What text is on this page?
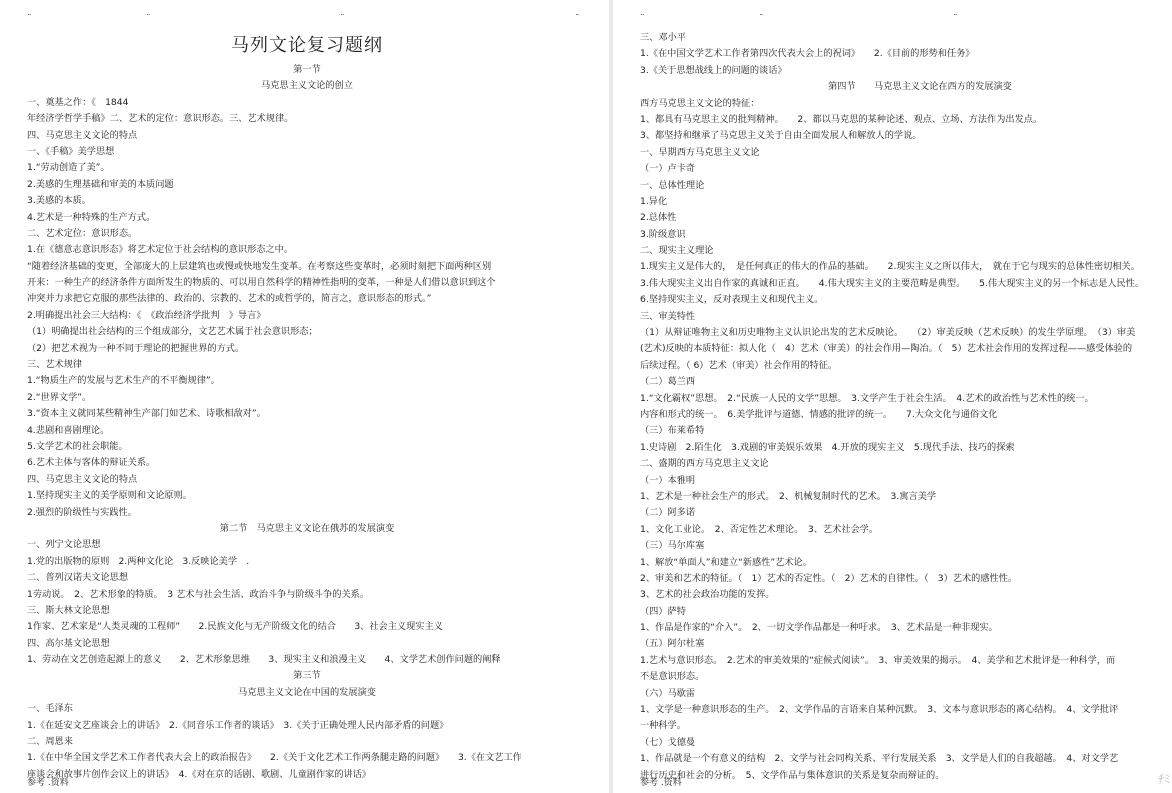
¨	¨	¨	¨
马列文论复习题纲
第一节
马克思主义文论的创立
一、奠基之作：《　1844
年经济学哲学手稿》二、艺术的定位：意识形态。三、艺术规律。
四、马克思主义文论的特点
一、《手稿》美学思想
1.“劳动创造了美”。
2.美感的生理基础和审美的本质问题
3.美感的本质。
4.艺术是一种特殊的生产方式。
二、艺术定位：意识形态。
1.在《德意志意识形态》将艺术定位于社会结构的意识形态之中。
“随着经济基础的变更，全部庞大的上层建筑也或慢或快地发生变革。在考察这些变革时，必须时刻把下面两种区别
开来：一种生产的经济条件方面所发生的物质的、可以用自然科学的精神性指明的变革，一种是人们借以意识到这个
冲突并力求把它克服的那些法律的、政治的、宗教的、艺术的或哲学的，简言之，意识形态的形式。”
2.明确提出社会三大结构：《　《政治经济学批判　》导言》
（1）明确提出社会结构的三个组成部分，文艺艺术属于社会意识形态；
（2）把艺术视为一种不同于理论的把握世界的方式。
三、艺术规律
1.“物质生产的发展与艺术生产的不平衡规律”。
2.“世界文学”。
3.“资本主义就同某些精神生产部门如艺术、诗歌相敌对”。
4.悲剧和喜剧理论。
5.文学艺术的社会职能。
6.艺术主体与客体的辩证关系。
四、马克思主义文论的特点
1.坚持现实主义的美学原则和文论原则。
2.强烈的阶级性与实践性。
第二节　马克思主义文论在俄苏的发展演变
一、列宁文论思想
1.党的出版物的原则　2.两种文化论　3.反映论美学　.
二、普列汉诺夫文论思想
1劳动说。　2、艺术形象的特质。　3 艺术与社会生活、政治斗争与阶级斗争的关系。
三、斯大林文论思想
1作家、艺术家是“人类灵魂的工程师”　　2.民族文化与无产阶级文化的结合　　3、社会主义现实主义
四、高尔基文论思想
1、劳动在文艺创造起源上的意义　　2、艺术形象思维　　3、现实主义和浪漫主义　　4、文学艺术创作问题的阐释
第三节
马克思主义文论在中国的发展演变
一、毛泽东
1.《在延安文艺座谈会上的讲话》　2.《同音乐工作者的谈话》　3.《关于正确处理人民内部矛盾的问题》
二、周恩来
1.《在中华全国文学艺术工作者代表大会上的政治报告》　　2.《关于文化艺术工作两条腿走路的问题》　　3.《在文艺工作
座谈会和故事片创作会议上的讲话》　4.《对在京的话剧、歌剧、儿童剧作家的讲话》
参考 .资料
¨	¨	¨
三、邓小平
1.《在中国文学艺术工作者第四次代表大会上的祝词》　　2.《目前的形势和任务》
3.《关于思想战线上的问题的谈话》
第四节　　马克思主义文论在西方的发展演变
西方马克思主义文论的特征：
1、都具有马克思主义的批判精神。　　2、都以马克思的某种论述、观点、立场、方法作为出发点。
3、都坚持和继承了马克思主义关于自由全面发展人和解放人的学说。
一、早期西方马克思主义文论
（一）卢卡奇
一、总体性理论
1.异化
2.总体性
3.阶级意识
二、现实主义理论
1.现实主义是伟大的，　是任何真正的伟大的作品的基础。　　2.现实主义之所以伟大，　就在于它与现实的总体性密切相关。
3.伟大现实主义出自作家的真诚和正直。　　4.伟大现实主义的主要范畴是典型。　　5.伟大现实主义的另一个标志是人民性。
6.坚持现实主义，反对表现主义和现代主义。
三、审美特性
（1）从辩证唯物主义和历史唯物主义认识论出发的艺术反映论。　　（2）审美反映（艺术反映）的发生学原理。　（3）审美
(艺术)反映的本质特征：拟人化（　4）艺术（审美）的社会作用—陶冶。（　5）艺术社会作用的发挥过程——感受体验的
后续过程。（ 6）艺术（审美）社会作用的特征。
（二）葛兰西
1.“文化霸权”思想。　2.“民族一人民的文学”思想。　3.文学产生于社会生活。　4.艺术的政治性与艺术性的统一。
内容和形式的统一。　6.美学批评与道德、情感的批评的统一。　　7.大众文化与通俗文化
（三）布莱希特
1.史诗剧　2.陌生化　3.戏剧的审美娱乐效果　4.开放的现实主义　5.现代手法、技巧的探索
二、盛期的西方马克思主义文论
（一）本雅明
1、艺术是一种社会生产的形式。　2、机械复制时代的艺术。　3.寓言美学
（二）阿多诺
1、文化工业论。　2、否定性艺术理论。　3、艺术社会学。
（三）马尔库塞
1、解放“单面人”和建立“新感性”艺术论。
2、审美和艺术的特征。（　1）艺术的否定性。（　2）艺术的自律性。（　3）艺术的感性性。
3、艺术的社会政治功能的发挥。
（四）萨特
1、作品是作家的“介入”。　2、一切文学作品都是一种吁求。　3、艺术品是一种非现实。
（五）阿尔杜塞
1.艺术与意识形态。　2.艺术的审美效果的“症候式阅读”。　3、审美效果的揭示。　4、美学和艺术批评是一种科学，而
不是意识形态。
（六）马歇雷
1、文学是一种意识形态的生产。　2、文学作品的言语来自某种沉默。　3、文本与意识形态的离心结构。　4、文学批评
一种科学。
（七）戈德曼
1、作品就是一个有意义的结构　2、文学与社会同构关系、平行发展关系　3、文学是人们的自我超越。　4、对文学艺
进行历史和社会的分析。　5、文学作品与集体意识的关系是复杂而辩证的。
参考 .资料	ﾁﾐ
